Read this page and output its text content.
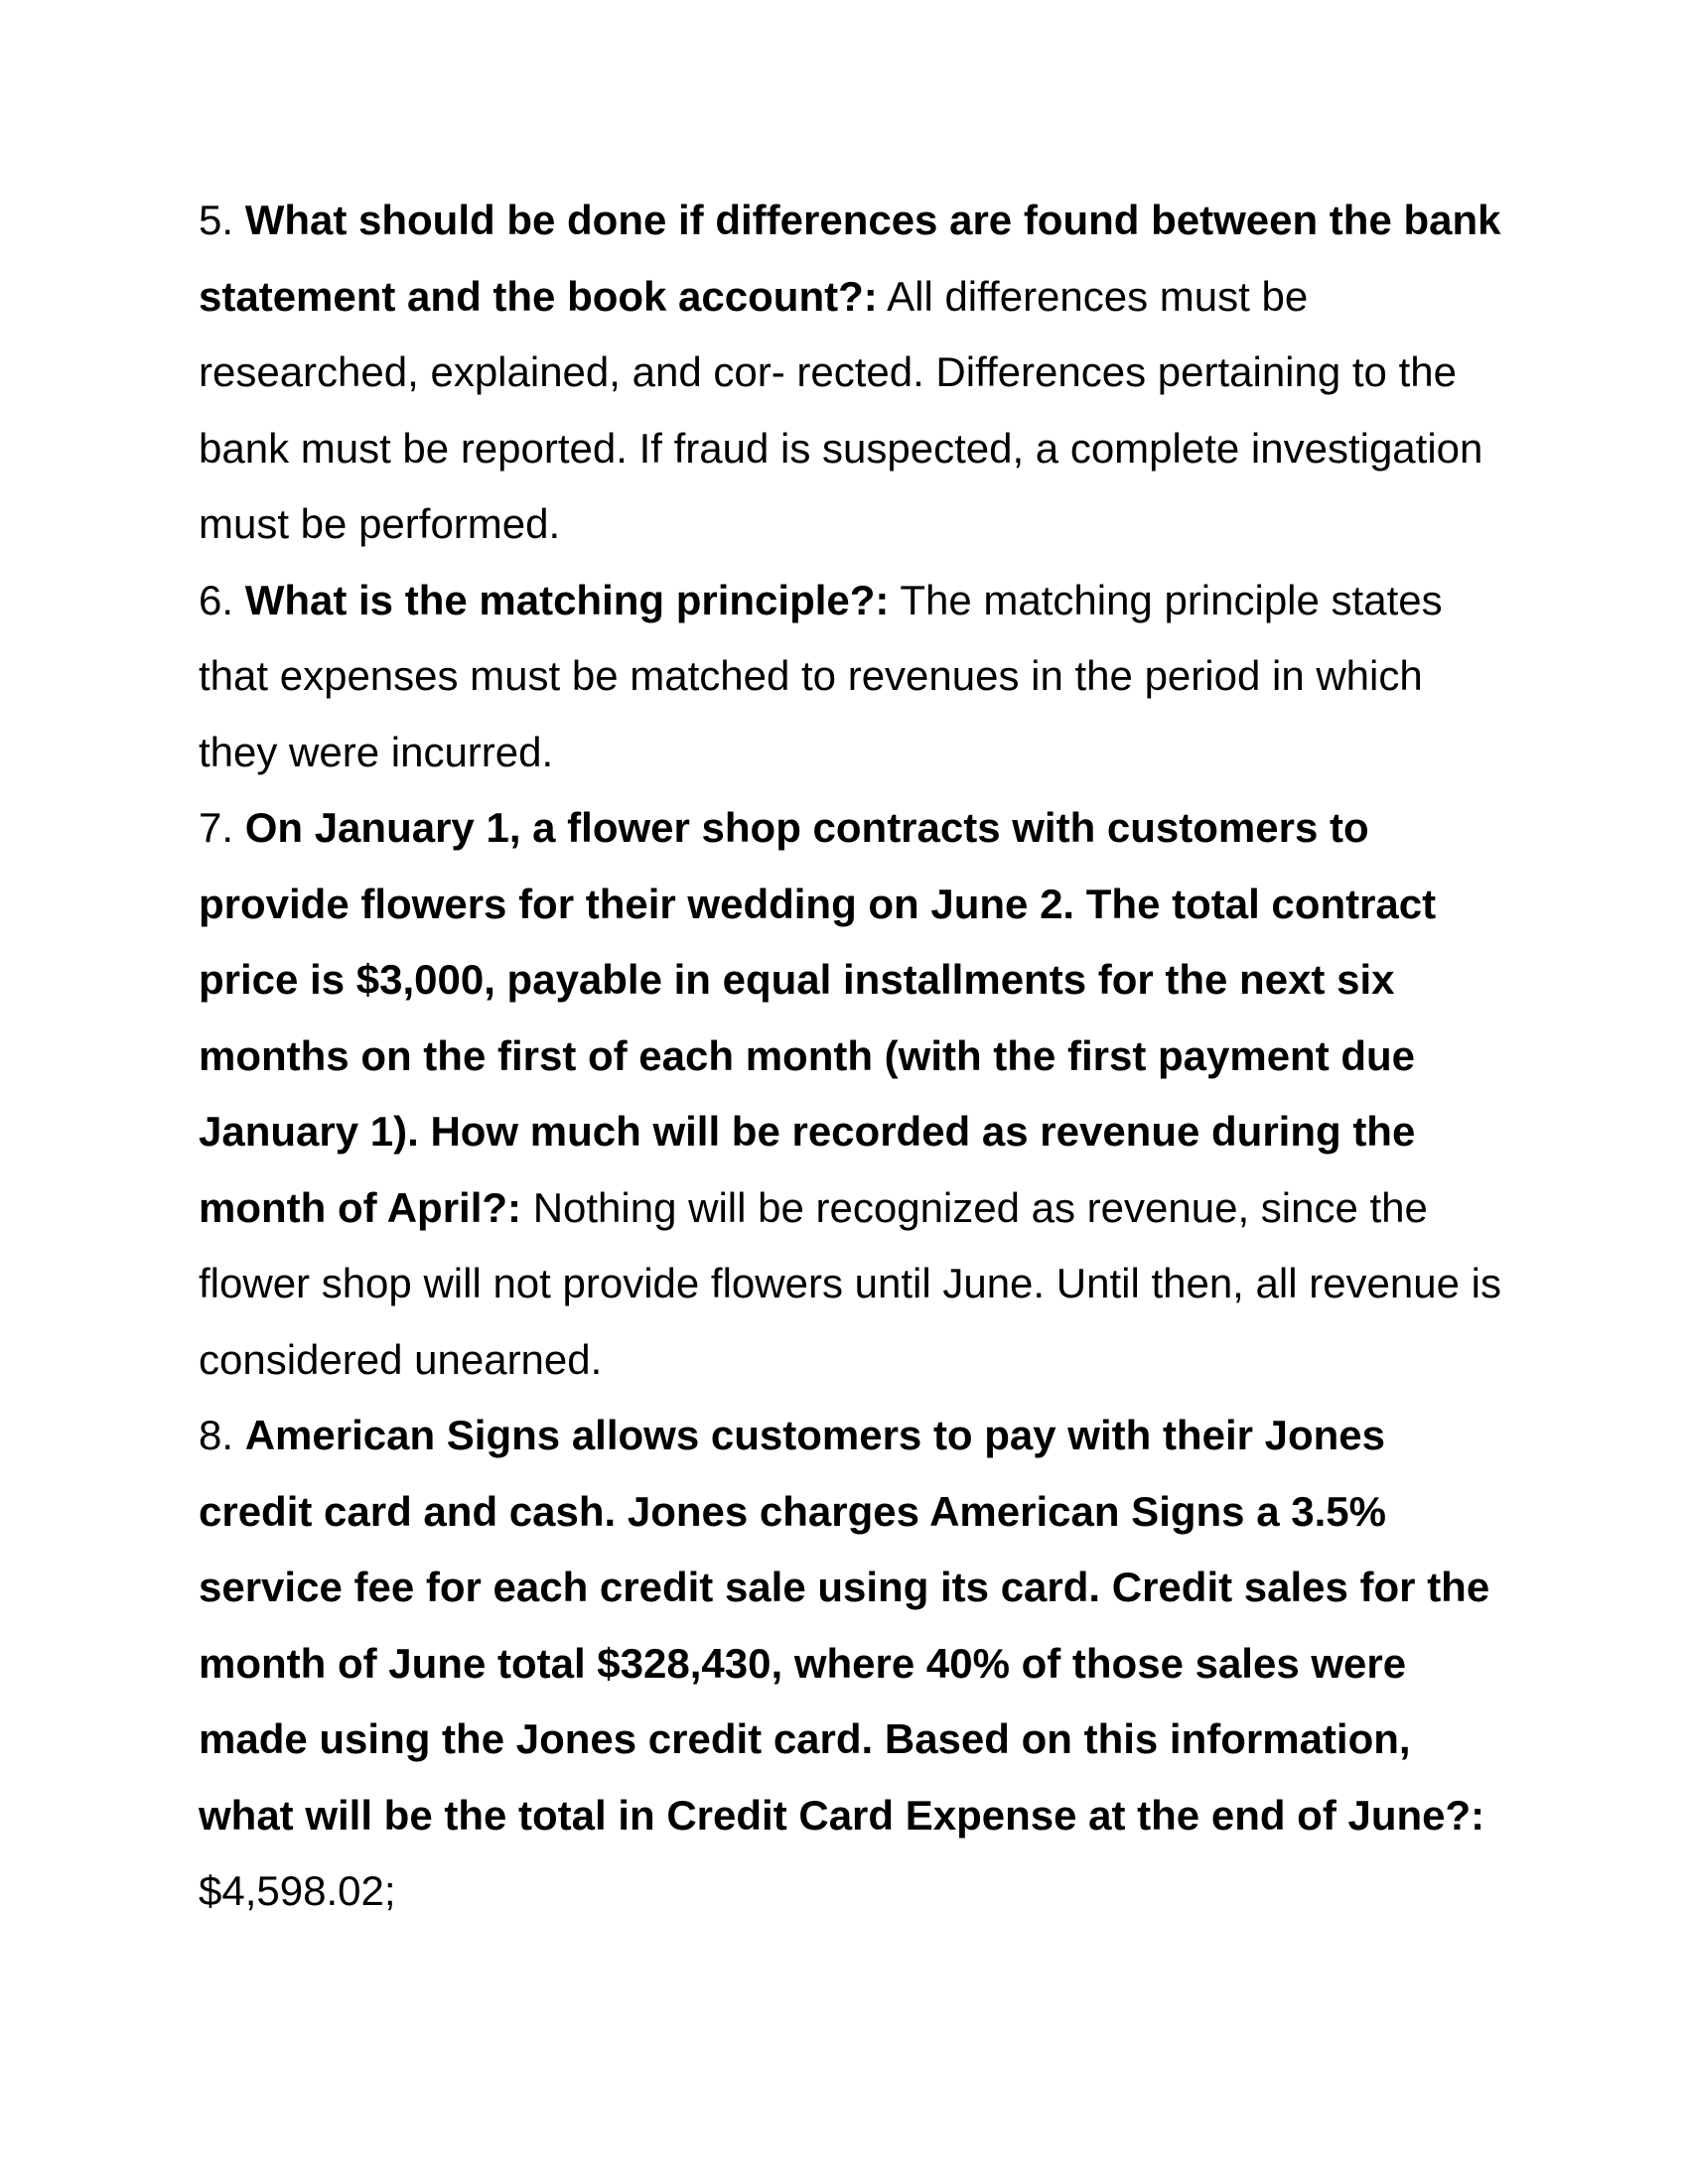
5. What should be done if differences are found between the bank statement and the book account?: All differences must be researched, explained, and cor- rected. Differences pertaining to the bank must be reported. If fraud is suspected, a complete investigation must be performed.

6. What is the matching principle?: The matching principle states that expenses must be matched to revenues in the period in which they were incurred.

7. On January 1, a flower shop contracts with customers to provide flowers for their wedding on June 2. The total contract price is $3,000, payable in equal installments for the next six months on the first of each month (with the first payment due January 1). How much will be recorded as revenue during the month of April?: Nothing will be recognized as revenue, since the flower shop will not provide flowers until June. Until then, all revenue is considered unearned.

8. American Signs allows customers to pay with their Jones credit card and cash. Jones charges American Signs a 3.5% service fee for each credit sale using its card. Credit sales for the month of June total $328,430, where 40% of those sales were made using the Jones credit card. Based on this information, what will be the total in Credit Card Expense at the end of June?: $4,598.02;
